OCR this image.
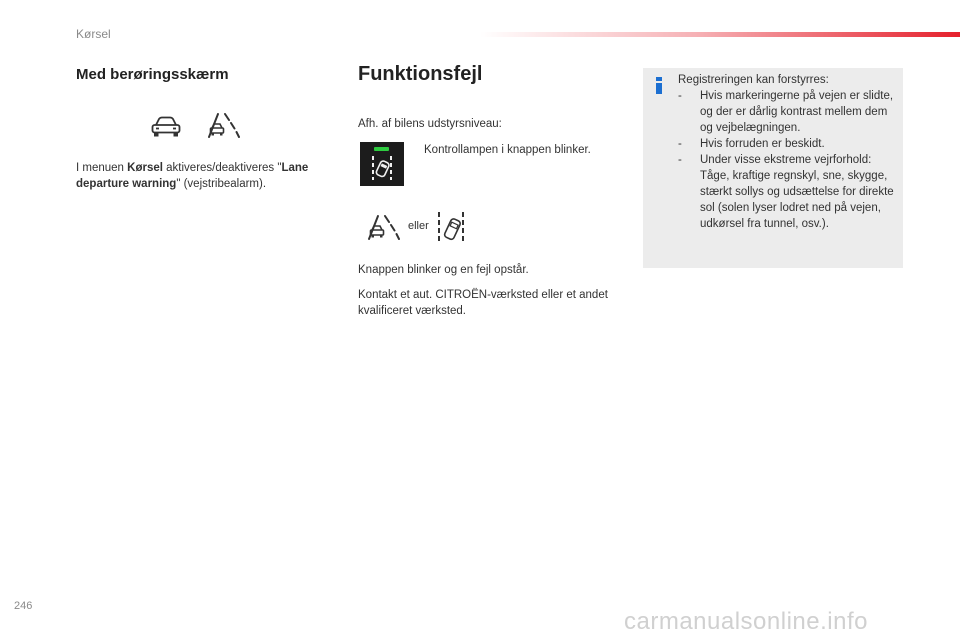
Kørsel
Med berøringsskærm
I menuen Kørsel aktiveres/deaktiveres "Lane departure warning" (vejstribealarm).
Funktionsfejl
Afh. af bilens udstyrsniveau:
Kontrollampen i knappen blinker.
eller
Knappen blinker og en fejl opstår.
Kontakt et aut. CITROËN-værksted eller et andet kvalificeret værksted.
Registreringen kan forstyrres:
- Hvis markeringerne på vejen er slidte, og der er dårlig kontrast mellem dem og vejbelægningen.
- Hvis forruden er beskidt.
- Under visse ekstreme vejrforhold: Tåge, kraftige regnskyl, sne, skygge, stærkt sollys og udsættelse for direkte sol (solen lyser lodret ned på vejen, udkørsel fra tunnel, osv.).
246
carmanualsonline.info
